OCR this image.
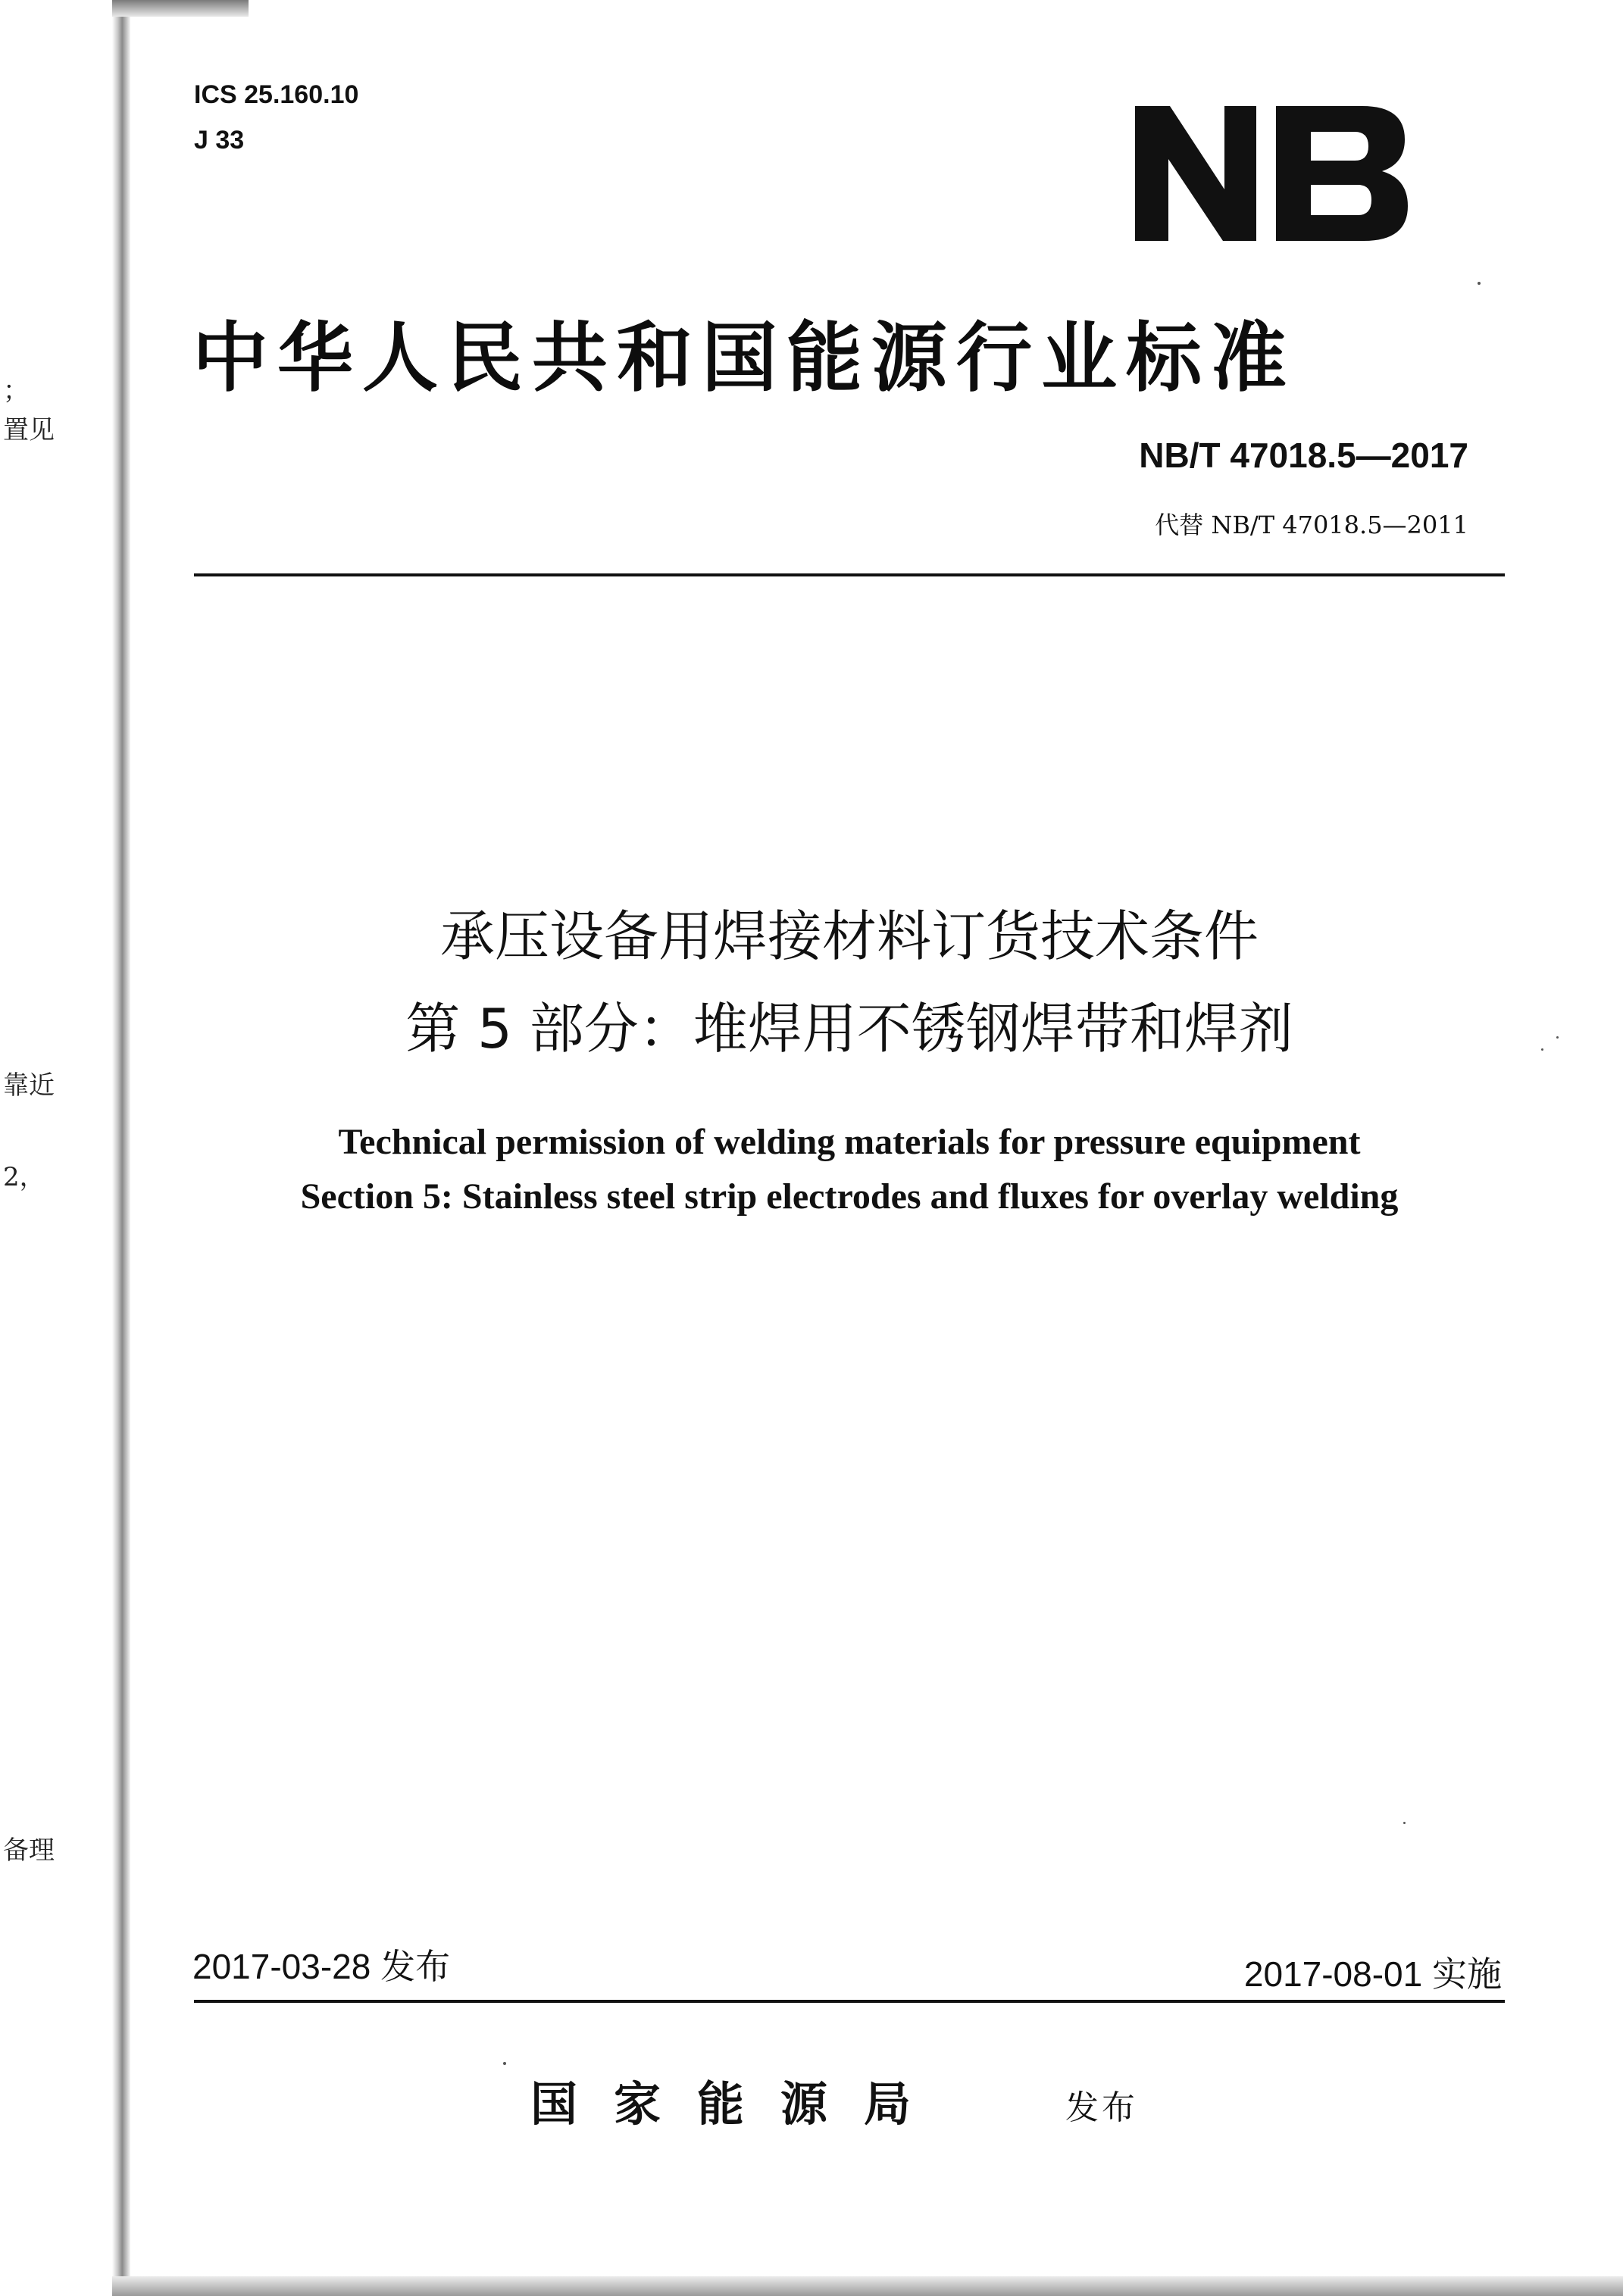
；
置见
靠近
2，
备理
ICS 25.160.10
J 33
中华人民共和国能源行业标准
NB/T 47018.5—2017
代替 NB/T 47018.5—2011
承压设备用焊接材料订货技术条件
第 5 部分：堆焊用不锈钢焊带和焊剂
Technical permission of welding materials for pressure equipment
Section 5: Stainless steel strip electrodes and fluxes for overlay welding
2017-03-28 发布	2017-08-01 实施
国家能源局	发布
